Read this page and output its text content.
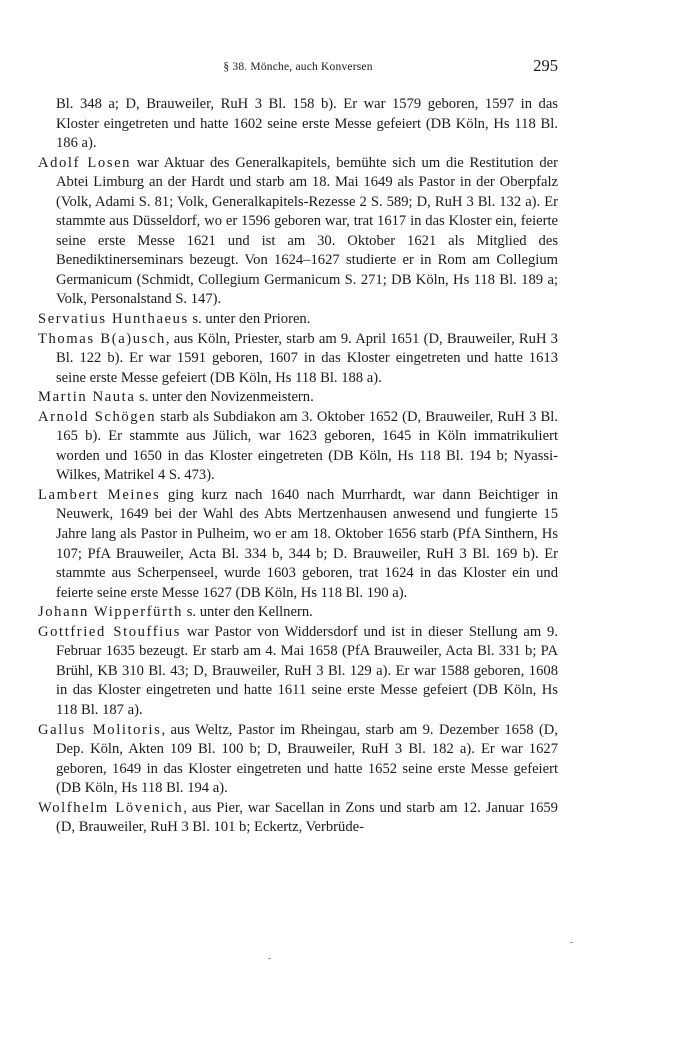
§ 38. Mönche, auch Konversen	295

Bl. 348 a; D, Brauweiler, RuH 3 Bl. 158 b). Er war 1579 geboren, 1597 in das Kloster eingetreten und hatte 1602 seine erste Messe gefeiert (DB Köln, Hs 118 Bl. 186 a).

Adolf Losen war Aktuar des Generalkapitels, bemühte sich um die Restitution der Abtei Limburg an der Hardt und starb am 18. Mai 1649 als Pastor in der Oberpfalz (Volk, Adami S. 81; Volk, Generalkapitels-Rezesse 2 S. 589; D, RuH 3 Bl. 132 a). Er stammte aus Düsseldorf, wo er 1596 geboren war, trat 1617 in das Kloster ein, feierte seine erste Messe 1621 und ist am 30. Oktober 1621 als Mitglied des Benediktinerseminars bezeugt. Von 1624–1627 studierte er in Rom am Collegium Germanicum (Schmidt, Collegium Germanicum S. 271; DB Köln, Hs 118 Bl. 189 a; Volk, Personalstand S. 147).

Servatius Hunthaeus s. unter den Prioren.

Thomas B(a)usch, aus Köln, Priester, starb am 9. April 1651 (D, Brauweiler, RuH 3 Bl. 122 b). Er war 1591 geboren, 1607 in das Kloster eingetreten und hatte 1613 seine erste Messe gefeiert (DB Köln, Hs 118 Bl. 188 a).

Martin Nauta s. unter den Novizenmeistern.

Arnold Schögen starb als Subdiakon am 3. Oktober 1652 (D, Brauweiler, RuH 3 Bl. 165 b). Er stammte aus Jülich, war 1623 geboren, 1645 in Köln immatrikuliert worden und 1650 in das Kloster eingetreten (DB Köln, Hs 118 Bl. 194 b; Nyassi-Wilkes, Matrikel 4 S. 473).

Lambert Meines ging kurz nach 1640 nach Murrhardt, war dann Beichtiger in Neuwerk, 1649 bei der Wahl des Abts Mertzenhausen anwesend und fungierte 15 Jahre lang als Pastor in Pulheim, wo er am 18. Oktober 1656 starb (PfA Sinthern, Hs 107; PfA Brauweiler, Acta Bl. 334 b, 344 b; D. Brauweiler, RuH 3 Bl. 169 b). Er stammte aus Scherpenseel, wurde 1603 geboren, trat 1624 in das Kloster ein und feierte seine erste Messe 1627 (DB Köln, Hs 118 Bl. 190 a).

Johann Wipperfürth s. unter den Kellnern.

Gottfried Stouffius war Pastor von Widdersdorf und ist in dieser Stellung am 9. Februar 1635 bezeugt. Er starb am 4. Mai 1658 (PfA Brauweiler, Acta Bl. 331 b; PA Brühl, KB 310 Bl. 43; D, Brauweiler, RuH 3 Bl. 129 a). Er war 1588 geboren, 1608 in das Kloster eingetreten und hatte 1611 seine erste Messe gefeiert (DB Köln, Hs 118 Bl. 187 a).

Gallus Molitoris, aus Weltz, Pastor im Rheingau, starb am 9. Dezember 1658 (D, Dep. Köln, Akten 109 Bl. 100 b; D, Brauweiler, RuH 3 Bl. 182 a). Er war 1627 geboren, 1649 in das Kloster eingetreten und hatte 1652 seine erste Messe gefeiert (DB Köln, Hs 118 Bl. 194 a).

Wolfhelm Lövenich, aus Pier, war Sacellan in Zons und starb am 12. Januar 1659 (D, Brauweiler, RuH 3 Bl. 101 b; Eckertz, Verbrüde-
